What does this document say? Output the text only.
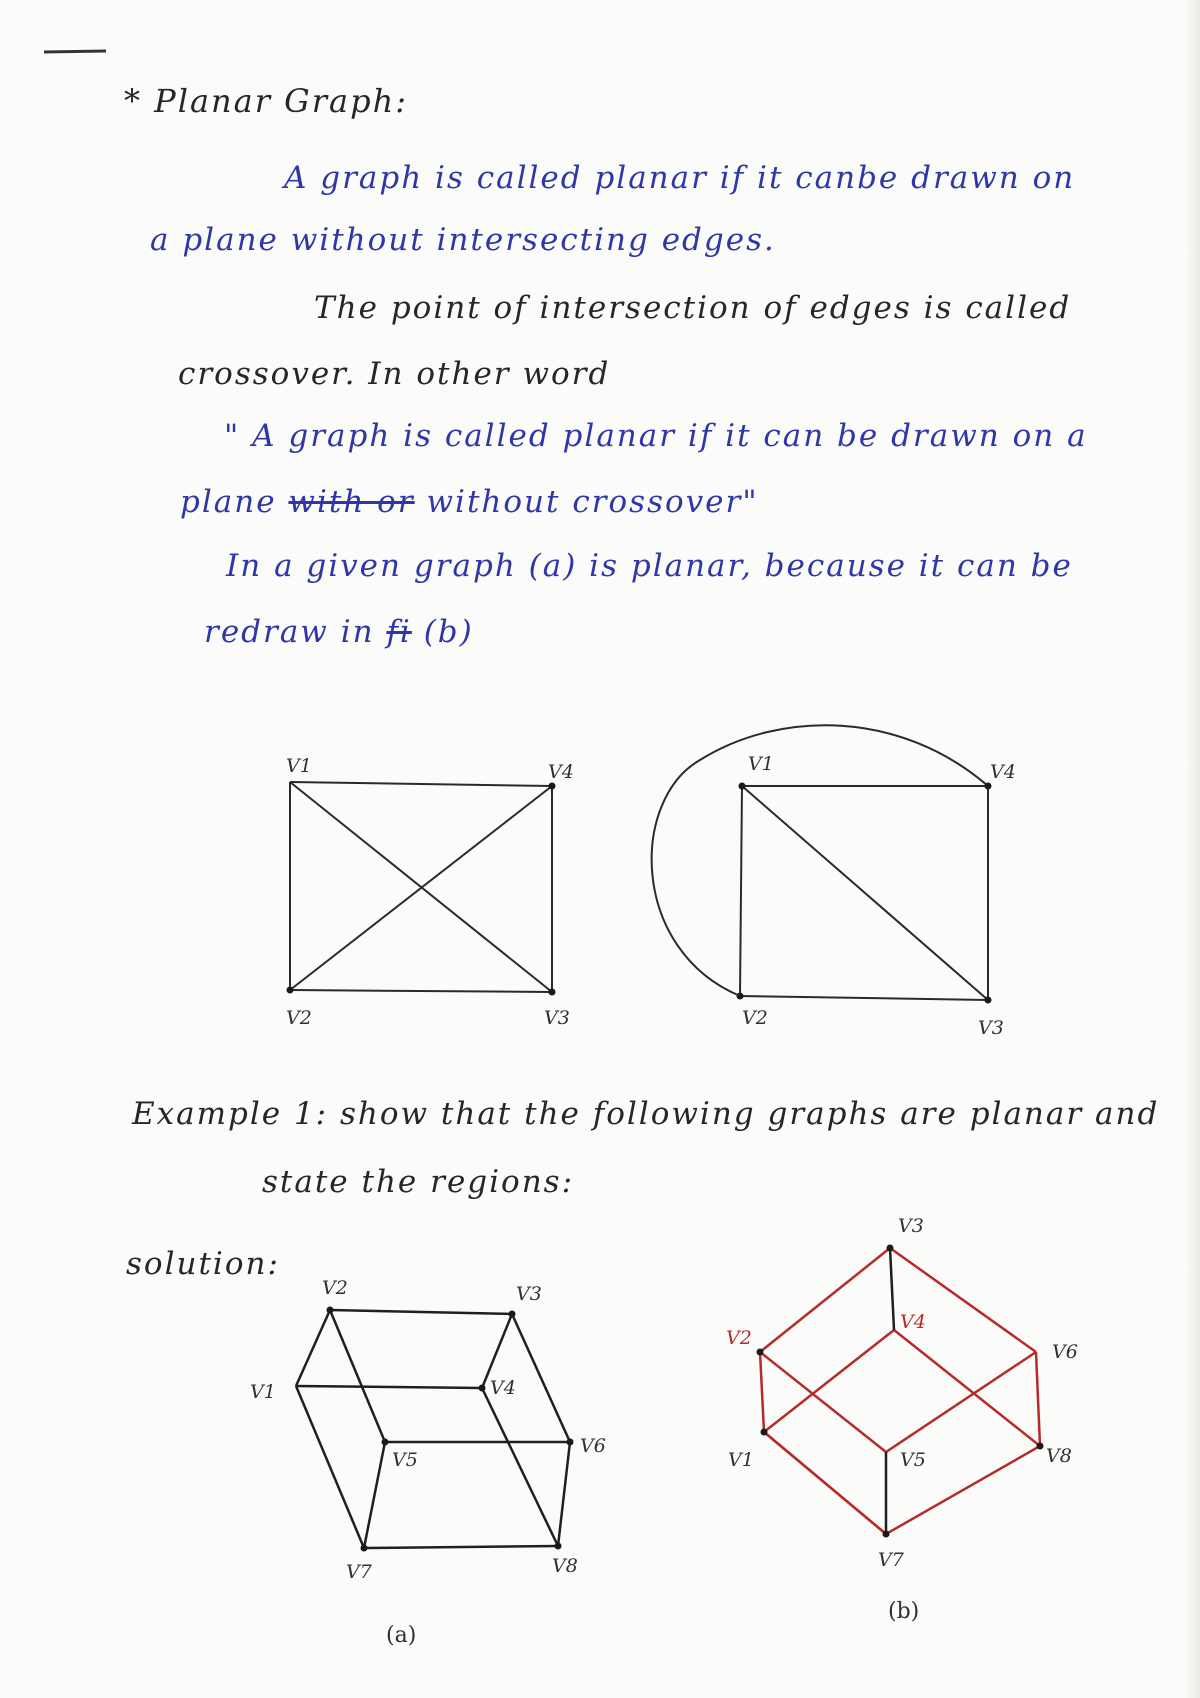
* Planar Graph:
A graph is called planar if it canbe drawn on
a plane without intersecting edges.
The point of intersection of edges is called
crossover. In other word
" A graph is called planar if it can be drawn on a
plane with or without crossover"
In a given graph (a) is planar, because it can be
redraw in fi (b)
V1	V4
V2	V3
V1	V4
V2	V3
V1
V2	V3
V4
V5
V6
V7	V8
(a)
V3
V2
V1
V4
V6
V5	V8
V7
(b)
Example 1: show that the following graphs are planar and
state the regions:
solution:
